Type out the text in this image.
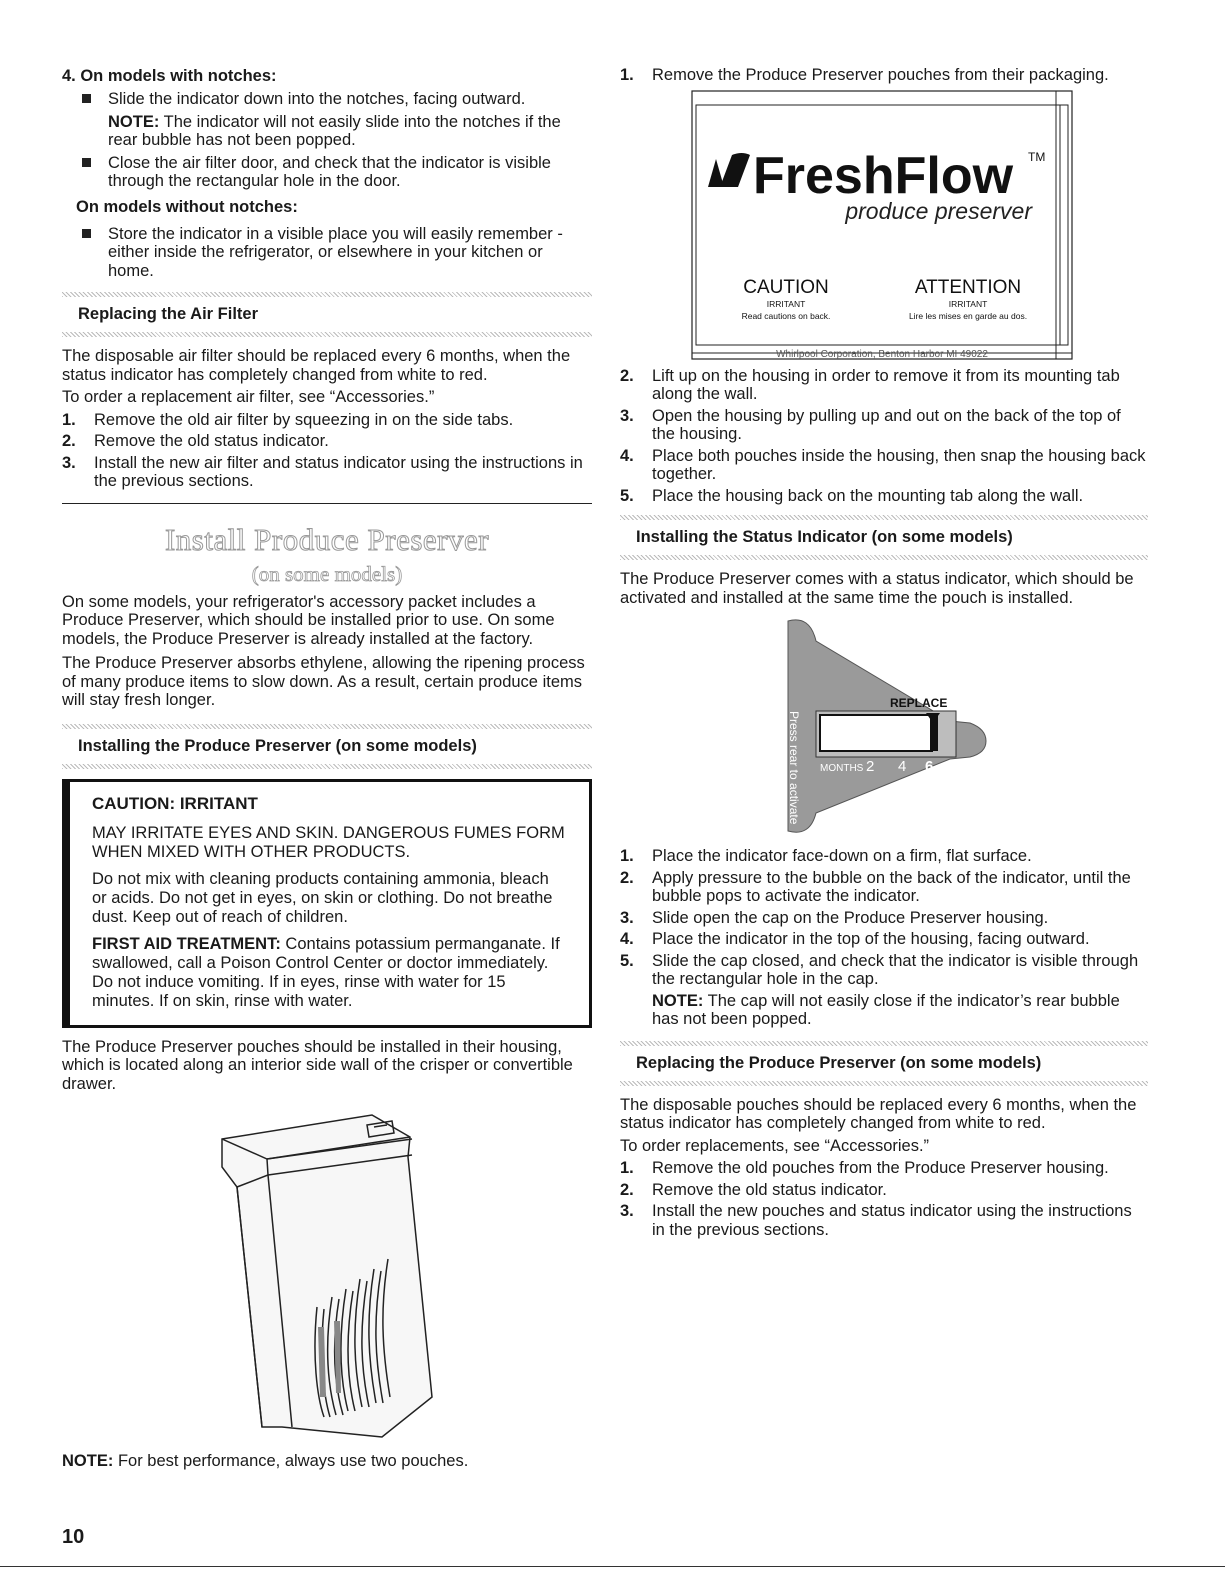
4. On models with notches:

Slide the indicator down into the notches, facing outward.

NOTE: The indicator will not easily slide into the notches if the rear bubble has not been popped.

Close the air filter door, and check that the indicator is visible through the rectangular hole in the door.

On models without notches:

Store the indicator in a visible place you will easily remember - either inside the refrigerator, or elsewhere in your kitchen or home.
Replacing the Air Filter

The disposable air filter should be replaced every 6 months, when the status indicator has completely changed from white to red.

To order a replacement air filter, see “Accessories.”

1. Remove the old air filter by squeezing in on the side tabs.
2. Remove the old status indicator.
3. Install the new air filter and status indicator using the instructions in the previous sections.
Install Produce Preserver
(on some models)

On some models, your refrigerator's accessory packet includes a Produce Preserver, which should be installed prior to use. On some models, the Produce Preserver is already installed at the factory.

The Produce Preserver absorbs ethylene, allowing the ripening process of many produce items to slow down. As a result, certain produce items will stay fresh longer.

Installing the Produce Preserver (on some models)
CAUTION: IRRITANT

MAY IRRITATE EYES AND SKIN. DANGEROUS FUMES FORM WHEN MIXED WITH OTHER PRODUCTS.

Do not mix with cleaning products containing ammonia, bleach or acids. Do not get in eyes, on skin or clothing. Do not breathe dust. Keep out of reach of children.

FIRST AID TREATMENT: Contains potassium permanganate. If swallowed, call a Poison Control Center or doctor immediately. Do not induce vomiting. If in eyes, rinse with water for 15 minutes. If on skin, rinse with water.

The Produce Preserver pouches should be installed in their housing, which is located along an interior side wall of the crisper or convertible drawer.

NOTE: For best performance, always use two pouches.

1. Remove the Produce Preserver pouches from their packaging.
FreshFlow TM
produce preserver
CAUTION
IRRITANT
Read cautions on back.
ATTENTION
IRRITANT
Lire les mises en garde au dos.
Whirlpool Corporation, Benton Harbor MI 49022
2. Lift up on the housing in order to remove it from its mounting tab along the wall.
3. Open the housing by pulling up and out on the back of the top of the housing.
4. Place both pouches inside the housing, then snap the housing back together.
5. Place the housing back on the mounting tab along the wall.
Installing the Status Indicator (on some models)

The Produce Preserver comes with a status indicator, which should be activated and installed at the same time the pouch is installed.

Press rear to activate
REPLACE
MONTHS 2 4 6
1. Place the indicator face-down on a firm, flat surface.
2. Apply pressure to the bubble on the back of the indicator, until the bubble pops to activate the indicator.
3. Slide open the cap on the Produce Preserver housing.
4. Place the indicator in the top of the housing, facing outward.
5. Slide the cap closed, and check that the indicator is visible through the rectangular hole in the cap.

NOTE: The cap will not easily close if the indicator’s rear bubble has not been popped.

Replacing the Produce Preserver (on some models)

The disposable pouches should be replaced every 6 months, when the status indicator has completely changed from white to red.

To order replacements, see “Accessories.”

1. Remove the old pouches from the Produce Preserver housing.
2. Remove the old status indicator.
3. Install the new pouches and status indicator using the instructions in the previous sections.
10
